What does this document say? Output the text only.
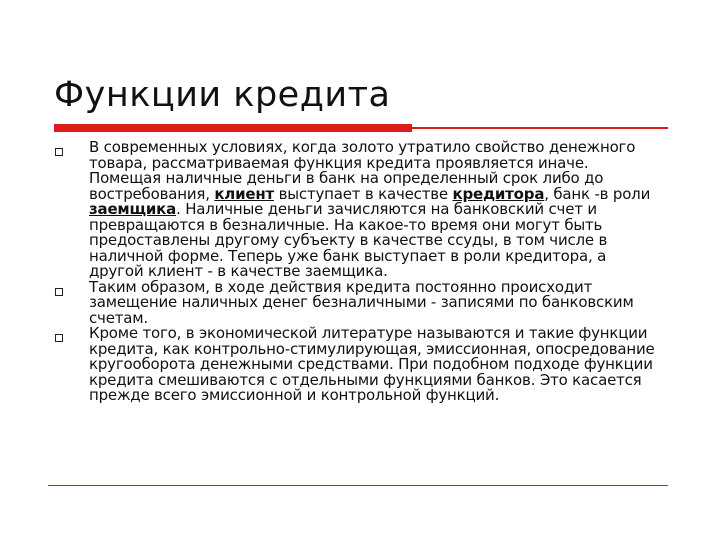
Функции кредита
В современных условиях, когда золото утратило свойство денежного товара, рассматриваемая функция кредита проявляется иначе. Помещая наличные деньги в банк на определенный срок либо до востребования, клиент выступает в качестве кредитора, банк -в роли заемщика. Наличные деньги зачисляются на банковский счет и превращаются в безналичные. На какое-то время они могут быть предоставлены другому субъекту в качестве ссуды, в том числе в наличной форме. Теперь уже банк выступает в роли кредитора, а другой клиент - в качестве заемщика.
Таким образом, в ходе действия кредита постоянно происходит замещение наличных денег безналичными - записями по банковским счетам.
Кроме того, в экономической литературе называются и такие функции кредита, как контрольно-стимулирующая, эмиссионная, опосредование кругооборота денежными средствами. При подобном подходе функции кредита смешиваются с отдельными функциями банков. Это касается прежде всего эмиссионной и контрольной функций.
